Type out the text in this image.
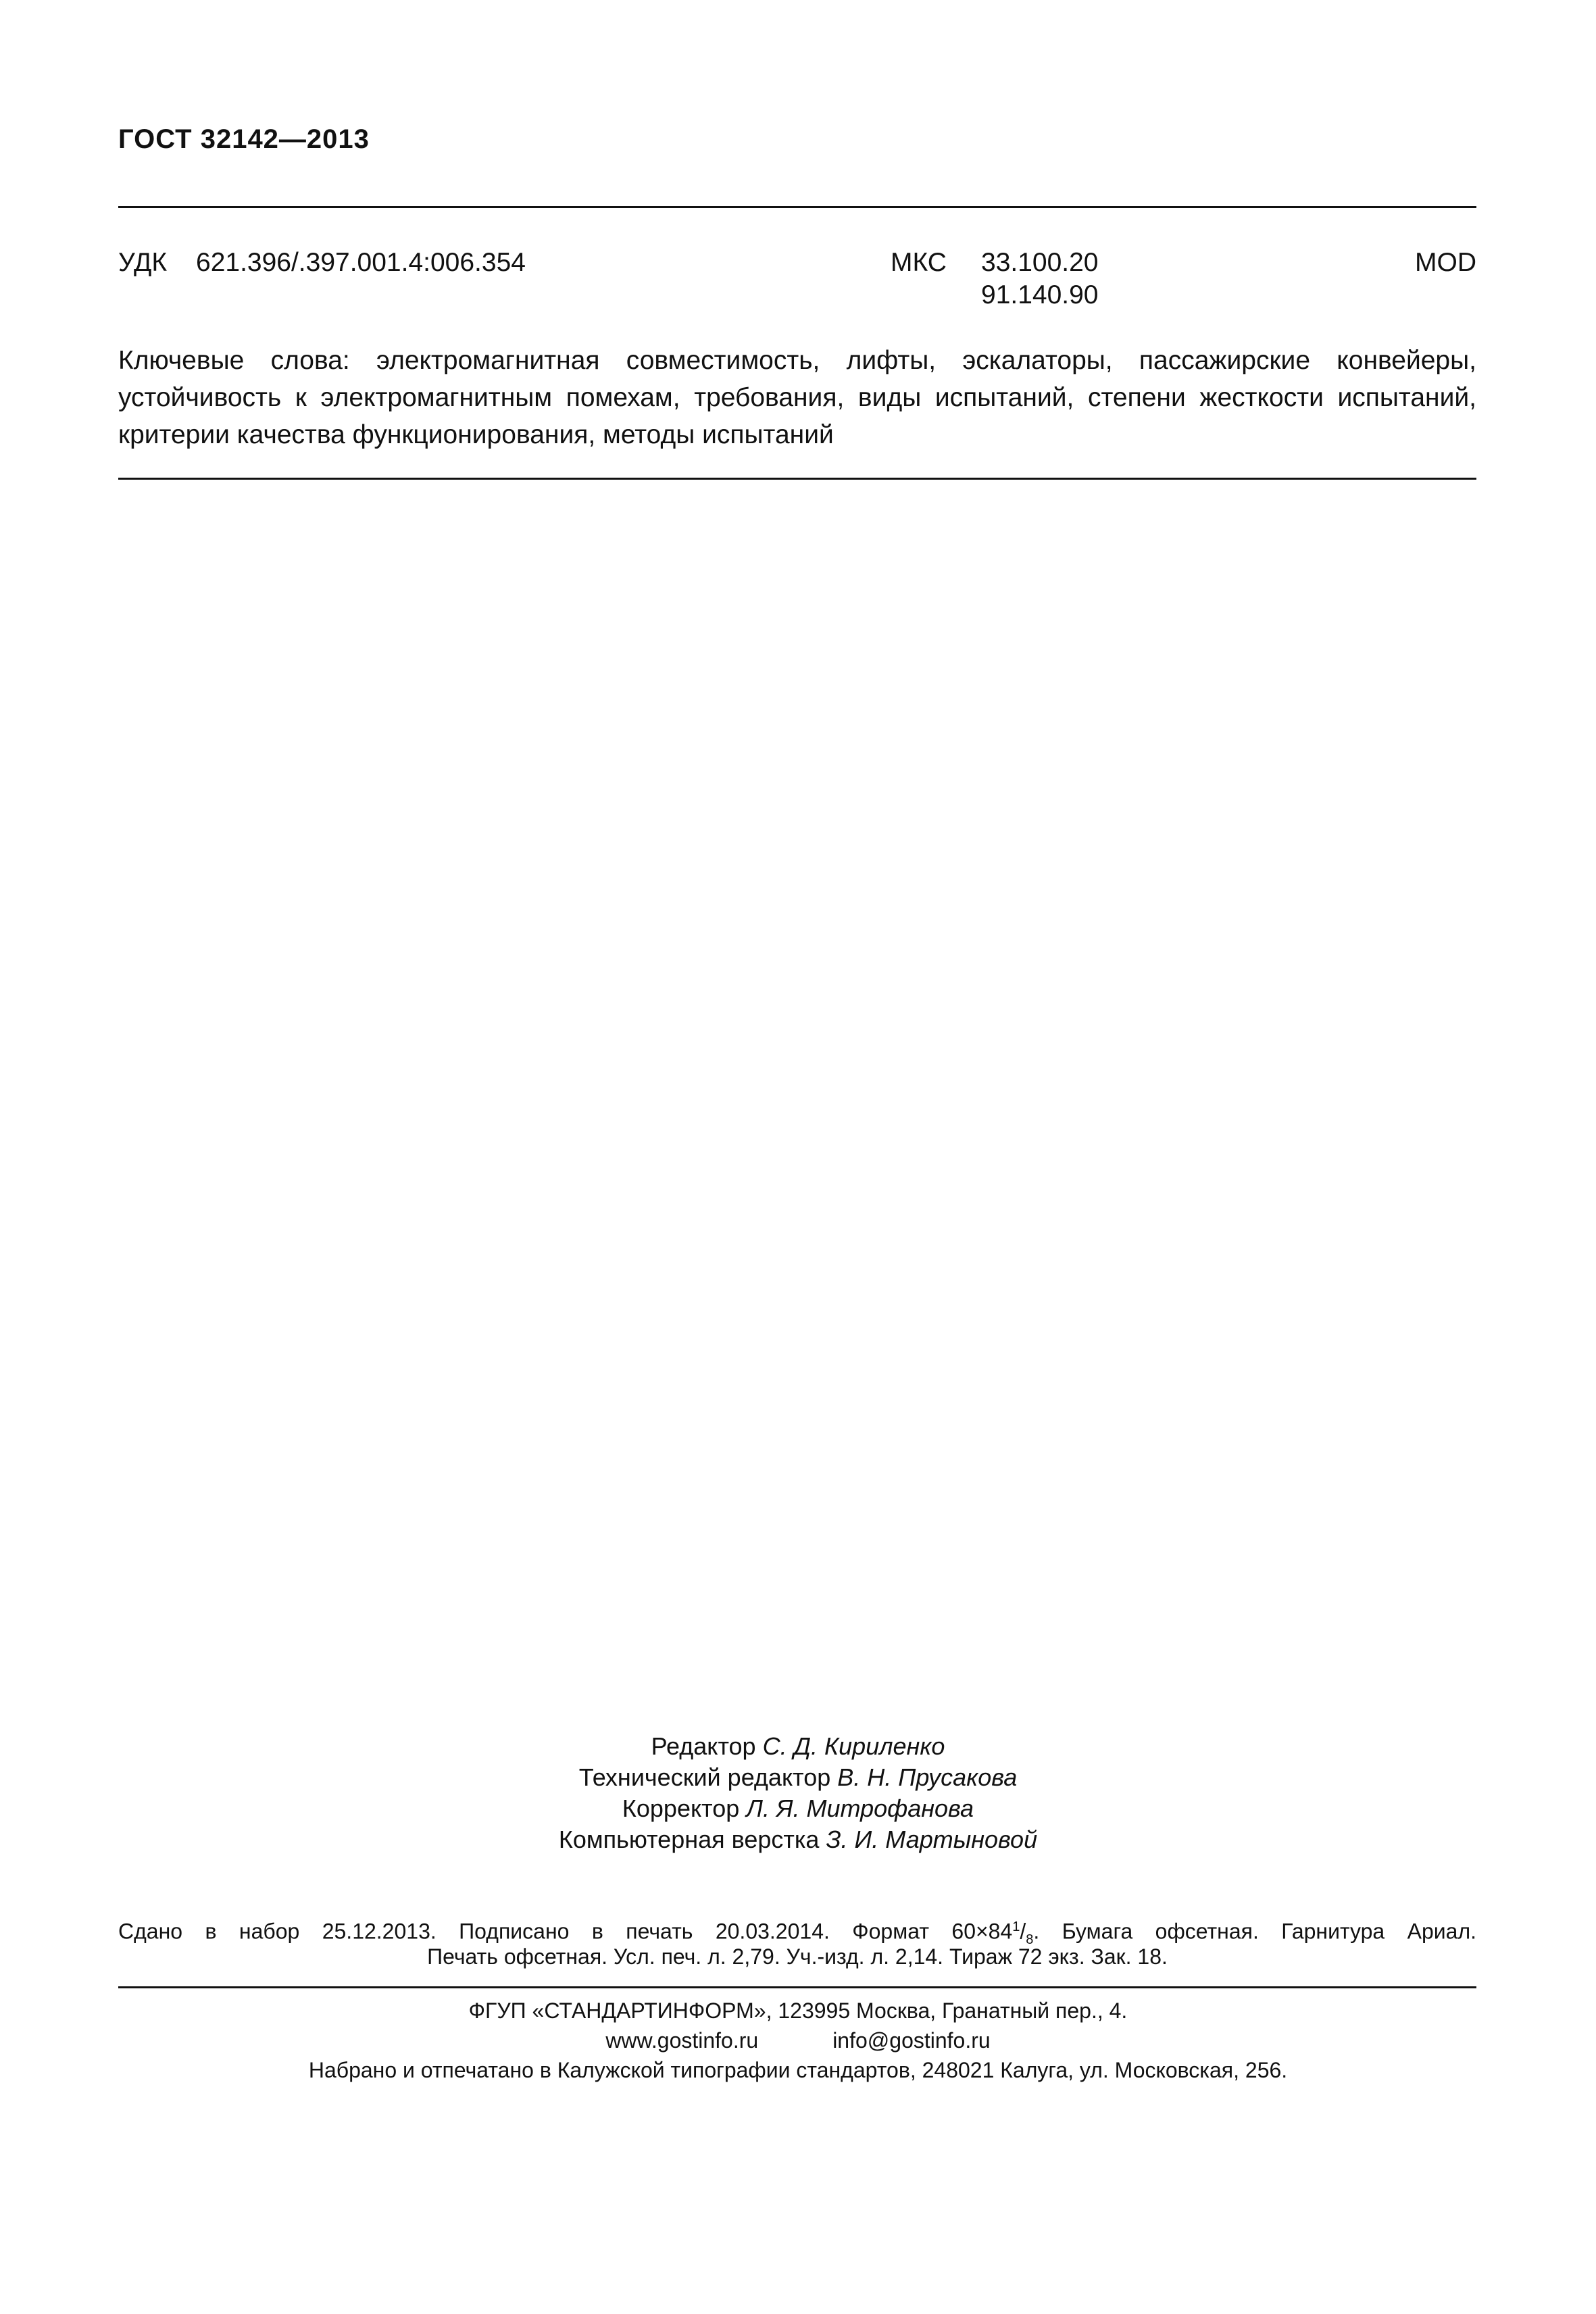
ГОСТ 32142—2013
УДК 621.396/.397.001.4:006.354	МКС 33.100.20
91.140.90
MOD
Ключевые слова: электромагнитная совместимость, лифты, эскалаторы, пассажирские конвейеры, устойчивость к электромагнитным помехам, требования, виды испытаний, степени жесткости испытаний, критерии качества функционирования, методы испытаний
Редактор С. Д. Кириленко
Технический редактор В. Н. Прусакова
Корректор Л. Я. Митрофанова
Компьютерная верстка З. И. Мартыновой
Сдано в набор 25.12.2013. Подписано в печать 20.03.2014. Формат $60\times 84^1/_8$. Бумага офсетная. Гарнитура Ариал.
Печать офсетная. Усл. печ. л. 2,79. Уч.-изд. л. 2,14. Тираж 72 экз. Зак. 18.
ФГУП «СТАНДАРТИНФОРМ», 123995 Москва, Гранатный пер., 4.
www.gostinfo.ru	info@gostinfo.ru
Набрано и отпечатано в Калужской типографии стандартов, 248021 Калуга, ул. Московская, 256.
